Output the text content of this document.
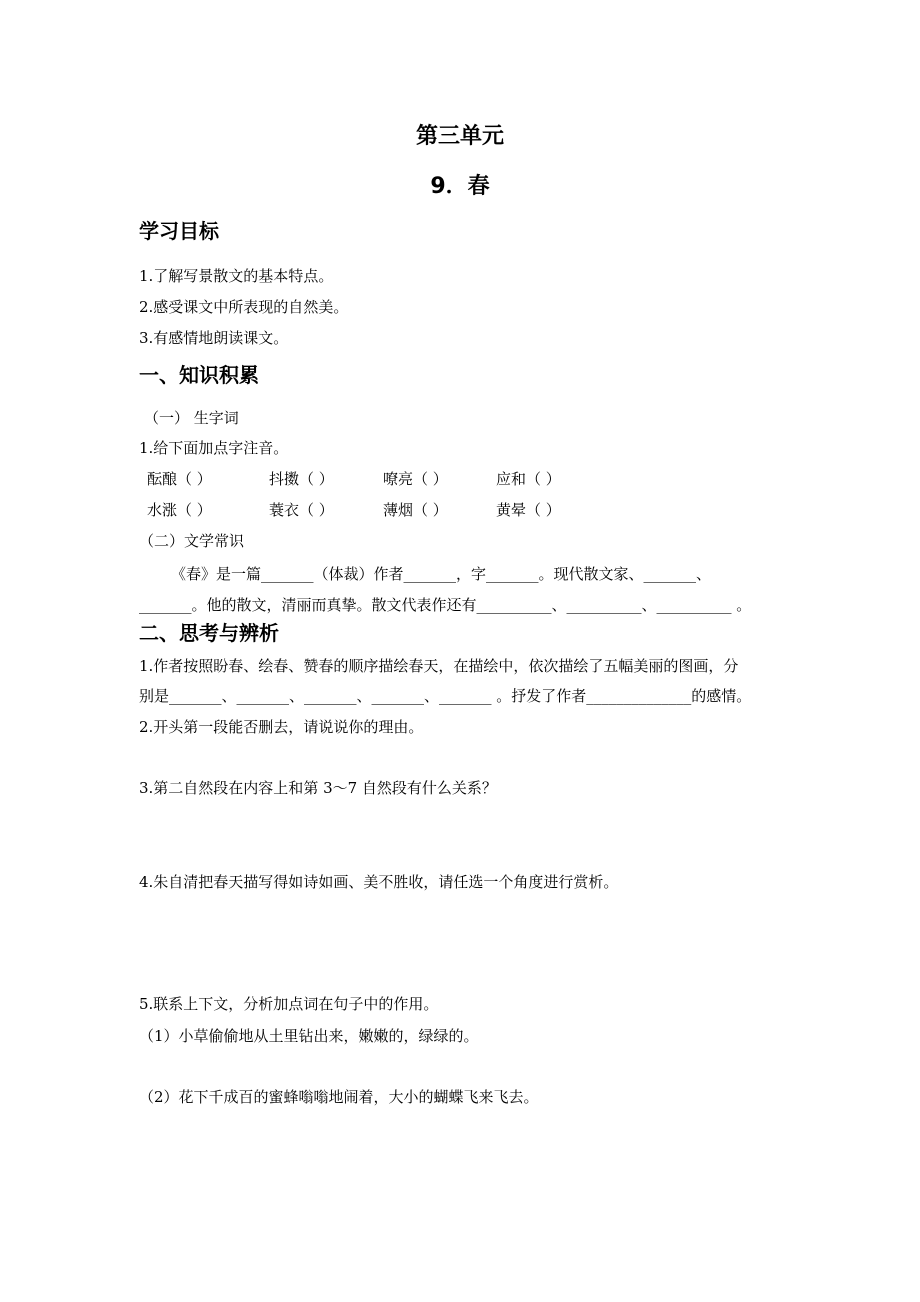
第三单元
9．春
学习目标
1.了解写景散文的基本特点。
2.感受课文中所表现的自然美。
3.有感情地朗读课文。
一、知识积累
（一） 生字词
1.给下面加点字注音。
酝酿（ ）	抖擞（ ）	嘹亮（ ）	应和（ ）
水涨（ ）	蓑衣（ ）	薄烟（ ）	黄晕（ ）
（二）文学常识
《春》是一篇_______（体裁）作者_______，字_______。现代散文家、_______、
_______。他的散文，清丽而真挚。散文代表作还有__________、__________、__________ 。
二、思考与辨析
1.作者按照盼春、绘春、赞春的顺序描绘春天，在描绘中，依次描绘了五幅美丽的图画，分
别是_______、_______、_______、_______、_______ 。抒发了作者______________的感情。
2.开头第一段能否删去，请说说你的理由。
3.第二自然段在内容上和第 3～7 自然段有什么关系？
4.朱自清把春天描写得如诗如画、美不胜收，请任选一个角度进行赏析。
5.联系上下文，分析加点词在句子中的作用。
（1）小草偷偷地从土里钻出来，嫩嫩的，绿绿的。
（2）花下千成百的蜜蜂嗡嗡地闹着，大小的蝴蝶飞来飞去。
